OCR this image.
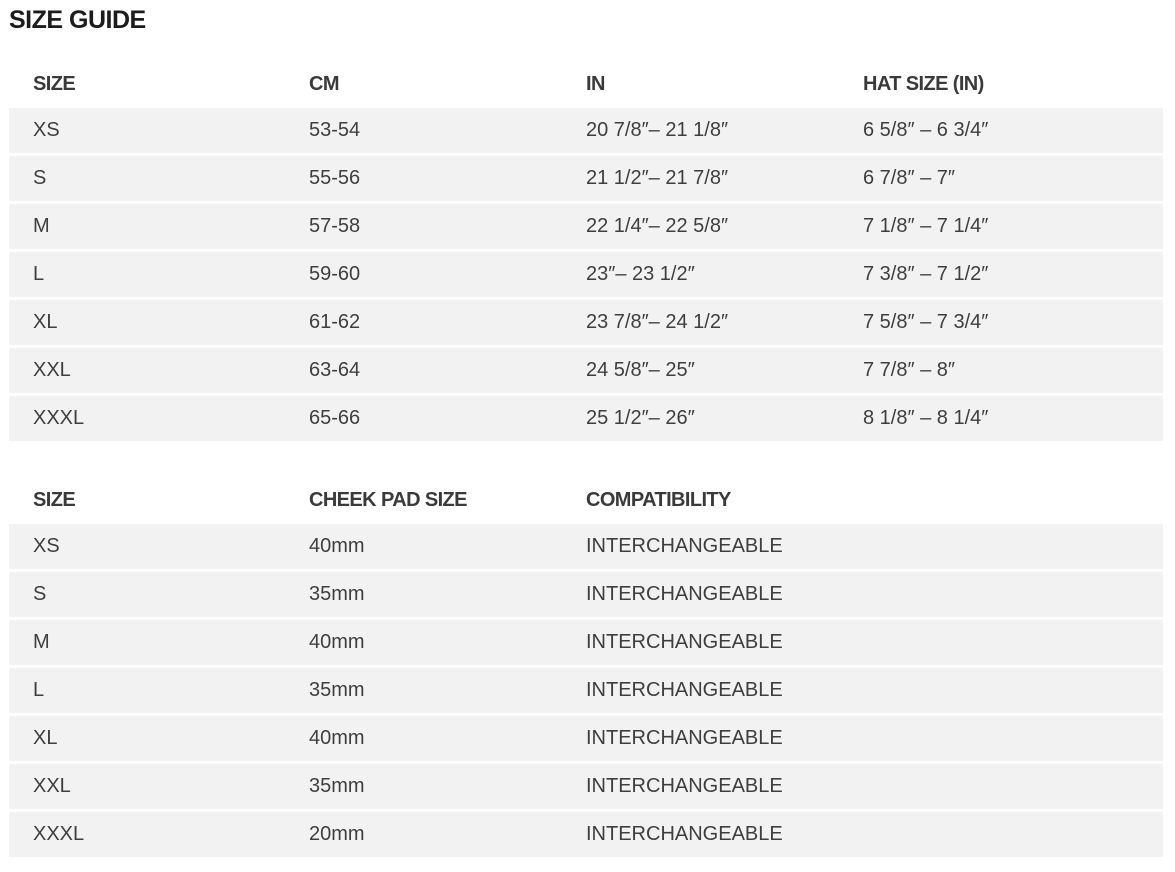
SIZE GUIDE
SIZE	CM	IN	HAT SIZE (IN)
XS	53-54	20 7/8″– 21 1/8″	6 5/8″ – 6 3/4″
S	55-56	21 1/2″– 21 7/8″	6 7/8″ – 7″
M	57-58	22 1/4″– 22 5/8″	7 1/8″ – 7 1/4″
L	59-60	23″– 23 1/2″	7 3/8″ – 7 1/2″
XL	61-62	23 7/8″– 24 1/2″	7 5/8″ – 7 3/4″
XXL	63-64	24 5/8″– 25″	7 7/8″ – 8″
XXXL	65-66	25 1/2″– 26″	8 1/8″ – 8 1/4″
SIZE	CHEEK PAD SIZE	COMPATIBILITY	
XS	40mm	INTERCHANGEABLE	
S	35mm	INTERCHANGEABLE	
M	40mm	INTERCHANGEABLE	
L	35mm	INTERCHANGEABLE	
XL	40mm	INTERCHANGEABLE	
XXL	35mm	INTERCHANGEABLE	
XXXL	20mm	INTERCHANGEABLE	
